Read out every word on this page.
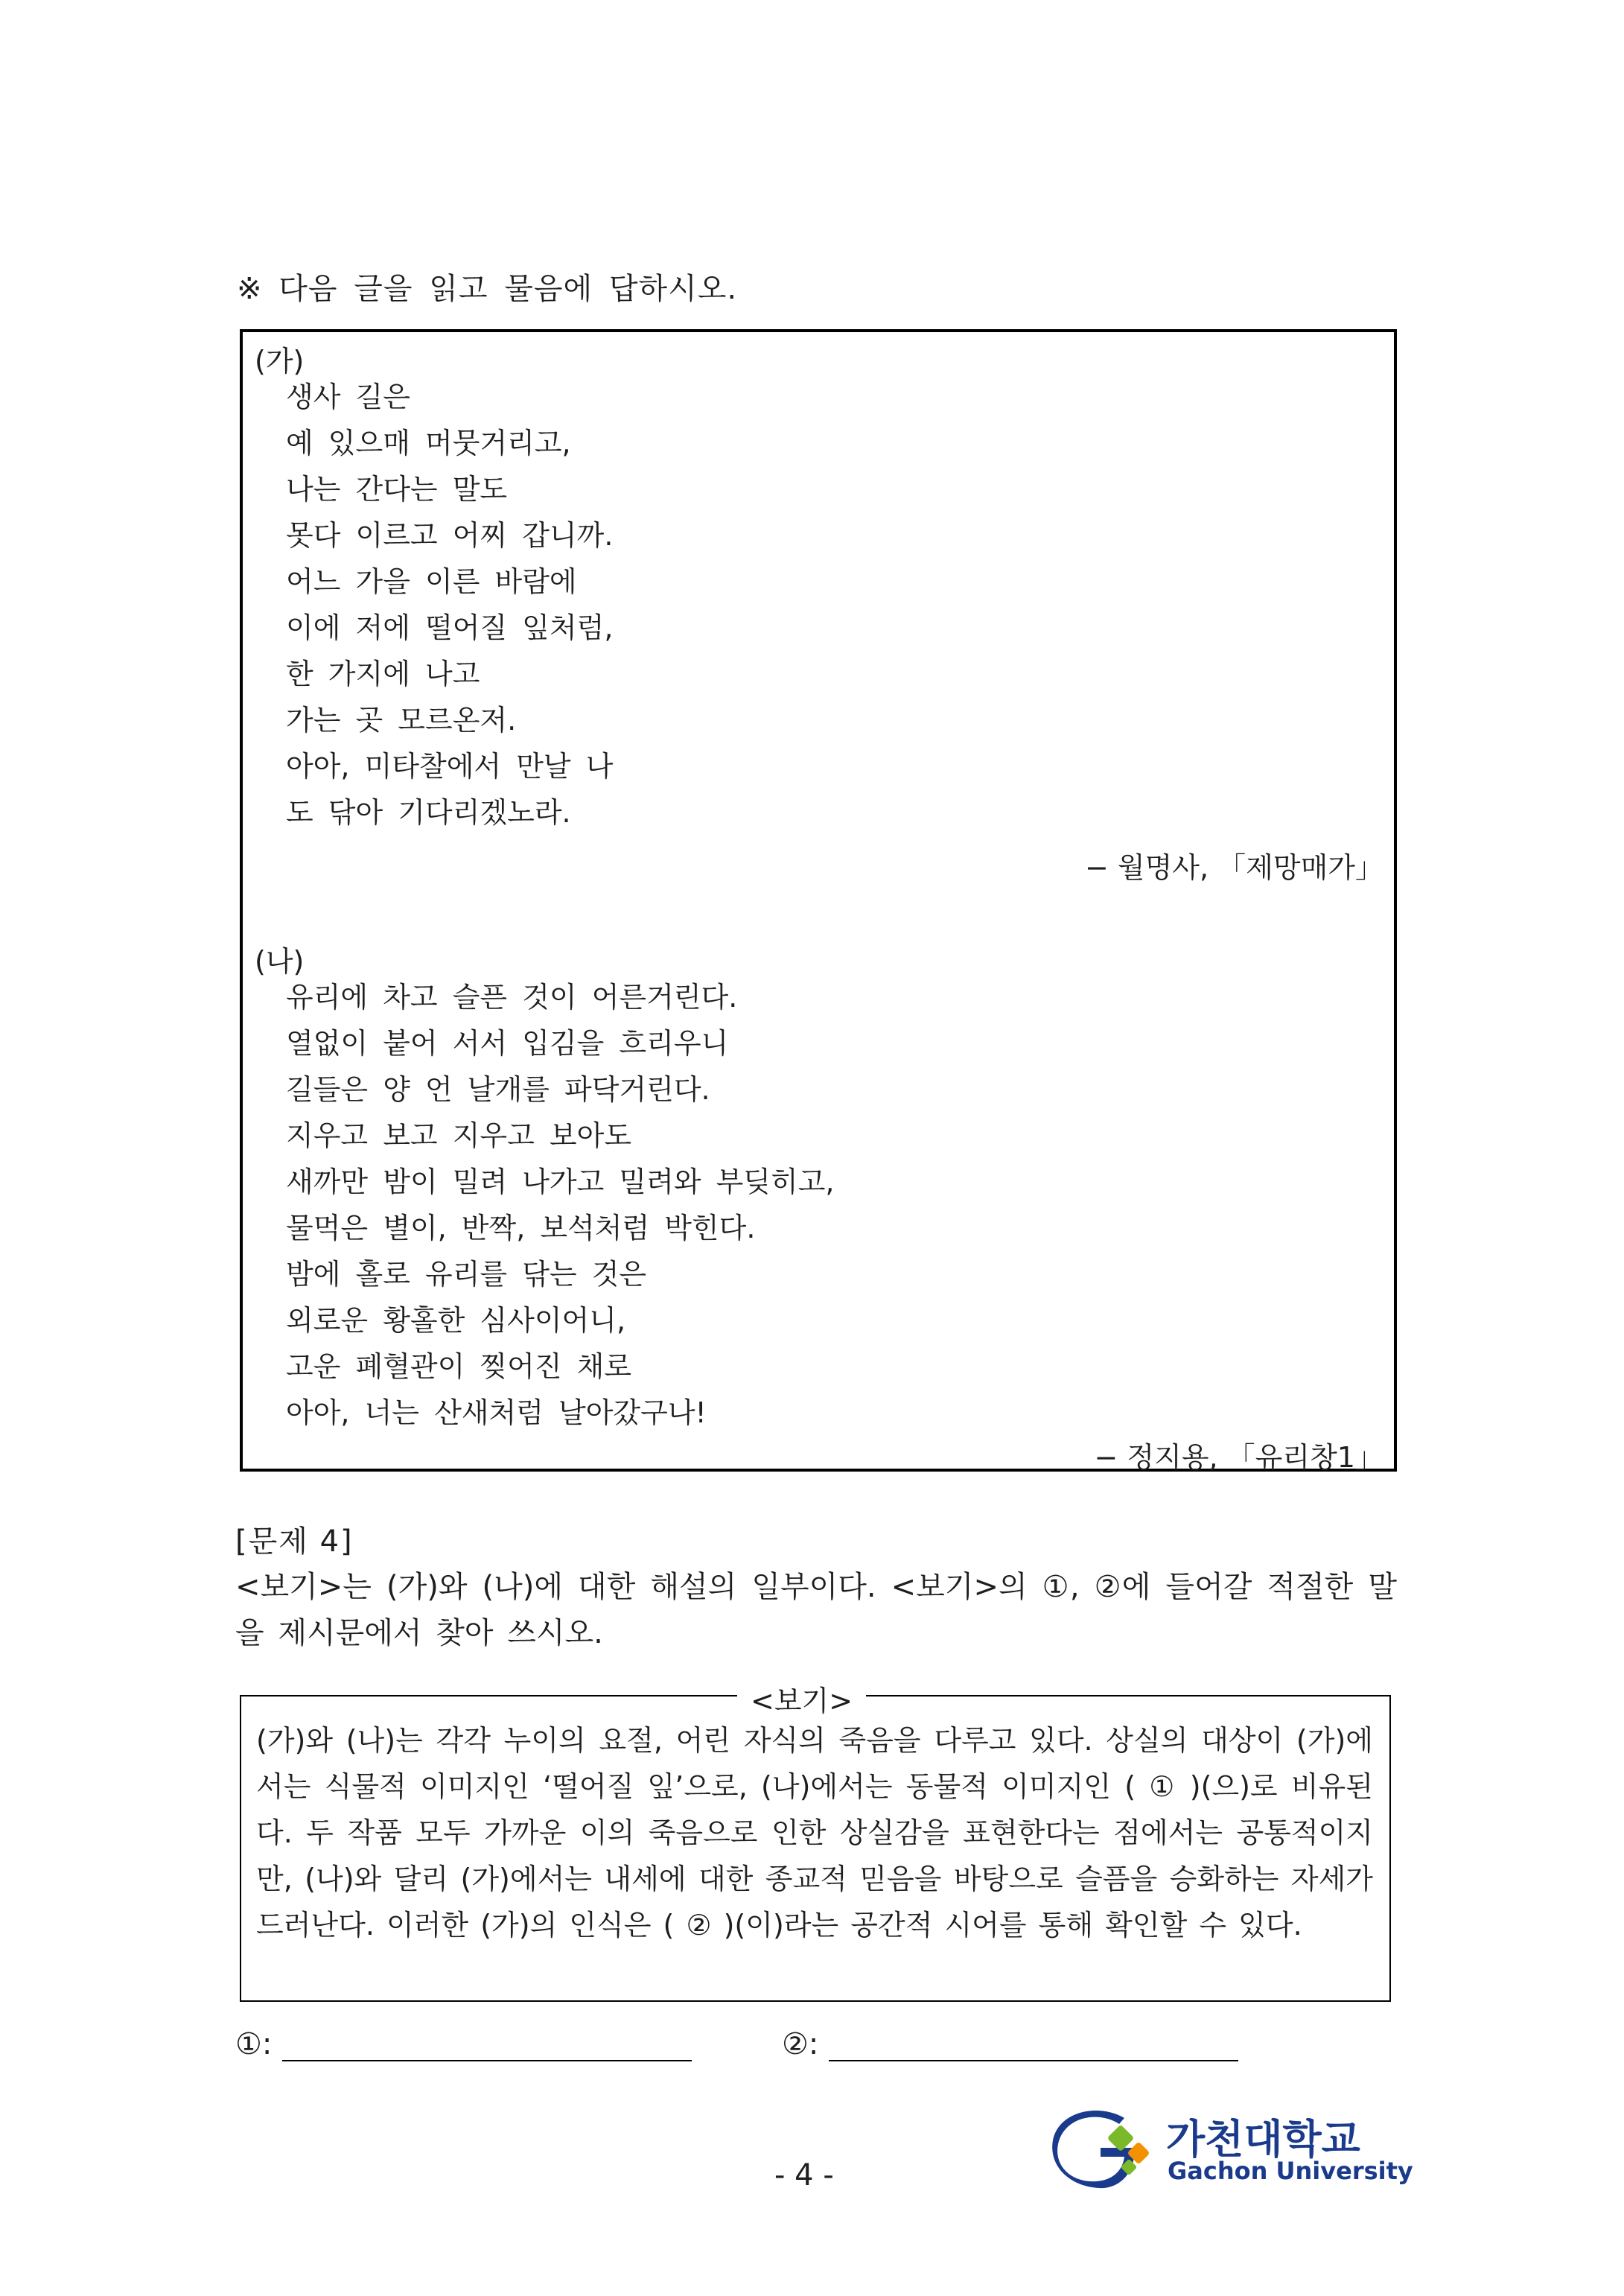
※ 다음 글을 읽고 물음에 답하시오.
(가)
생사 길은
예 있으매 머뭇거리고,
나는 간다는 말도
못다 이르고 어찌 갑니까.
어느 가을 이른 바람에
이에 저에 떨어질 잎처럼,
한 가지에 나고
가는 곳 모르온저.
아아, 미타찰에서 만날 나
도 닦아 기다리겠노라.
− 월명사, 「제망매가」
(나)
유리에 차고 슬픈 것이 어른거린다.
열없이 붙어 서서 입김을 흐리우니
길들은 양 언 날개를 파닥거린다.
지우고 보고 지우고 보아도
새까만 밤이 밀려 나가고 밀려와 부딪히고,
물먹은 별이, 반짝, 보석처럼 박힌다.
밤에 홀로 유리를 닦는 것은
외로운 황홀한 심사이어니,
고운 폐혈관이 찢어진 채로
아아, 너는 산새처럼 날아갔구나!
− 정지용, 「유리창1」
[문제 4]
<보기>는 (가)와 (나)에 대한 해설의 일부이다. <보기>의 ①, ②에 들어갈 적절한 말을 제시문에서 찾아 쓰시오.
(가)와 (나)는 각각 누이의 요절, 어린 자식의 죽음을 다루고 있다. 상실의 대상이 (가)에서는 식물적 이미지인 ‘떨어질 잎’으로, (나)에서는 동물적 이미지인 ( ① )(으)로 비유된다. 두 작품 모두 가까운 이의 죽음으로 인한 상실감을 표현한다는 점에서는 공통적이지만, (나)와 달리 (가)에서는 내세에 대한 종교적 믿음을 바탕으로 슬픔을 승화하는 자세가 드러난다. 이러한 (가)의 인식은 ( ② )(이)라는 공간적 시어를 통해 확인할 수 있다.
<보기>
①:	②:
- 4 -
가천대학교
Gachon University
